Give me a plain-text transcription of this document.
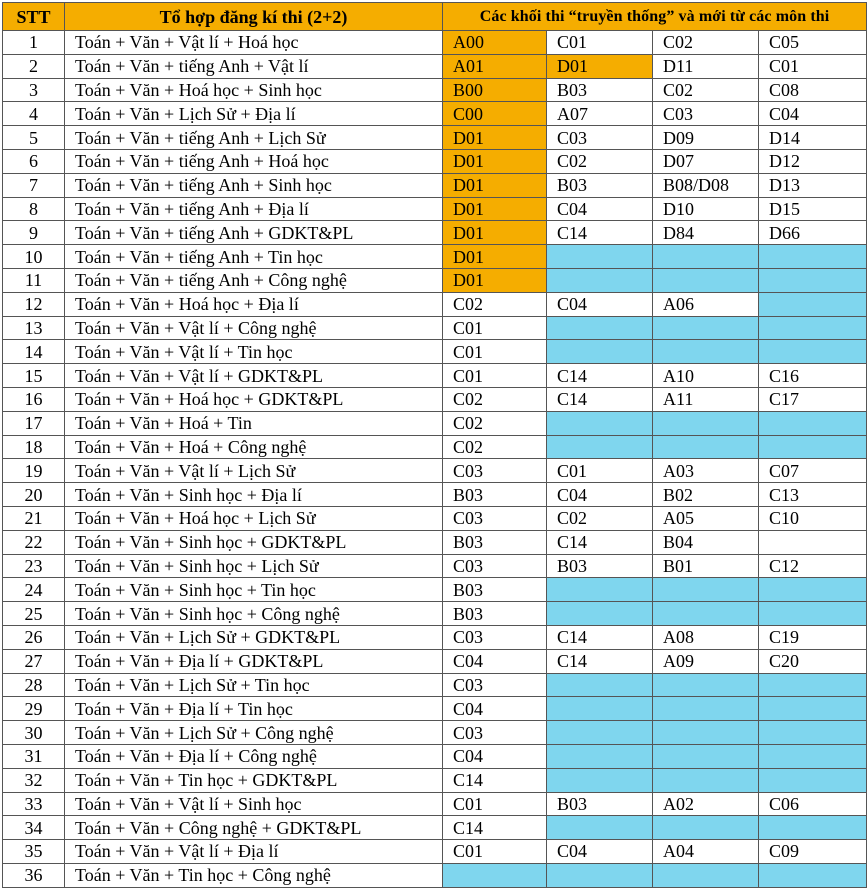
STT	Tổ hợp đăng kí thi (2+2)	Các khối thi “truyền thống” và mới từ các môn thi			
1	Toán + Văn + Vật lí + Hoá học	A00	C01	C02	C05
2	Toán + Văn + tiếng Anh + Vật lí	A01	D01	D11	C01
3	Toán + Văn + Hoá học + Sinh học	B00	B03	C02	C08
4	Toán + Văn + Lịch Sử + Địa lí	C00	A07	C03	C04
5	Toán + Văn + tiếng Anh + Lịch Sử	D01	C03	D09	D14
6	Toán + Văn + tiếng Anh + Hoá học	D01	C02	D07	D12
7	Toán + Văn + tiếng Anh + Sinh học	D01	B03	B08/D08	D13
8	Toán + Văn + tiếng Anh + Địa lí	D01	C04	D10	D15
9	Toán + Văn + tiếng Anh + GDKT&PL	D01	C14	D84	D66
10	Toán + Văn + tiếng Anh + Tin học	D01			
11	Toán + Văn + tiếng Anh + Công nghệ	D01			
12	Toán + Văn + Hoá học + Địa lí	C02	C04	A06	
13	Toán + Văn + Vật lí + Công nghệ	C01			
14	Toán + Văn + Vật lí + Tin học	C01			
15	Toán + Văn + Vật lí + GDKT&PL	C01	C14	A10	C16
16	Toán + Văn + Hoá học + GDKT&PL	C02	C14	A11	C17
17	Toán + Văn + Hoá + Tin	C02			
18	Toán + Văn + Hoá + Công nghệ	C02			
19	Toán + Văn + Vật lí + Lịch Sử	C03	C01	A03	C07
20	Toán + Văn + Sinh học + Địa lí	B03	C04	B02	C13
21	Toán + Văn + Hoá học + Lịch Sử	C03	C02	A05	C10
22	Toán + Văn + Sinh học + GDKT&PL	B03	C14	B04	
23	Toán + Văn + Sinh học + Lịch Sử	C03	B03	B01	C12
24	Toán + Văn + Sinh học + Tin học	B03			
25	Toán + Văn + Sinh học + Công nghệ	B03			
26	Toán + Văn + Lịch Sử + GDKT&PL	C03	C14	A08	C19
27	Toán + Văn + Địa lí + GDKT&PL	C04	C14	A09	C20
28	Toán + Văn + Lịch Sử + Tin học	C03			
29	Toán + Văn + Địa lí + Tin học	C04			
30	Toán + Văn + Lịch Sử + Công nghệ	C03			
31	Toán + Văn + Địa lí + Công nghệ	C04			
32	Toán + Văn + Tin học + GDKT&PL	C14			
33	Toán + Văn + Vật lí + Sinh học	C01	B03	A02	C06
34	Toán + Văn + Công nghệ + GDKT&PL	C14			
35	Toán + Văn + Vật lí + Địa lí	C01	C04	A04	C09
36	Toán + Văn + Tin học + Công nghệ				
